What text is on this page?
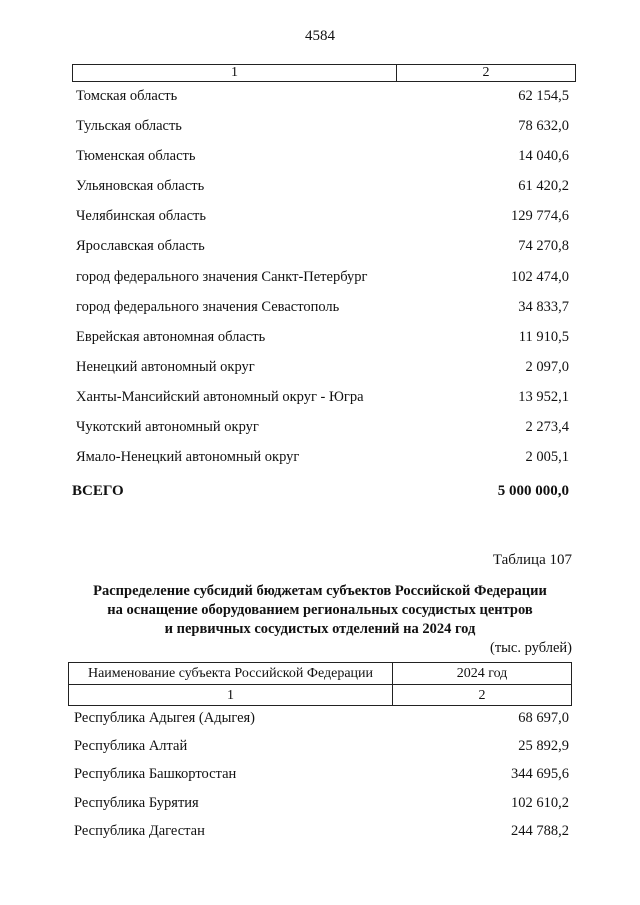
4584
1	2
Томская область	62 154,5
Тульская область	78 632,0
Тюменская область	14 040,6
Ульяновская область	61 420,2
Челябинская область	129 774,6
Ярославская область	74 270,8
город федерального значения Санкт-Петербург	102 474,0
город федерального значения Севастополь	34 833,7
Еврейская автономная область	11 910,5
Ненецкий автономный округ	2 097,0
Ханты-Мансийский автономный округ - Югра	13 952,1
Чукотский автономный округ	2 273,4
Ямало-Ненецкий автономный округ	2 005,1
ВСЕГО	5 000 000,0
Таблица 107
Распределение субсидий бюджетам субъектов Российской Федерации
на оснащение оборудованием региональных сосудистых центров
и первичных сосудистых отделений на 2024 год
(тыс. рублей)
Наименование субъекта Российской Федерации	2024 год
1	2
Республика Адыгея (Адыгея)	68 697,0
Республика Алтай	25 892,9
Республика Башкортостан	344 695,6
Республика Бурятия	102 610,2
Республика Дагестан	244 788,2
